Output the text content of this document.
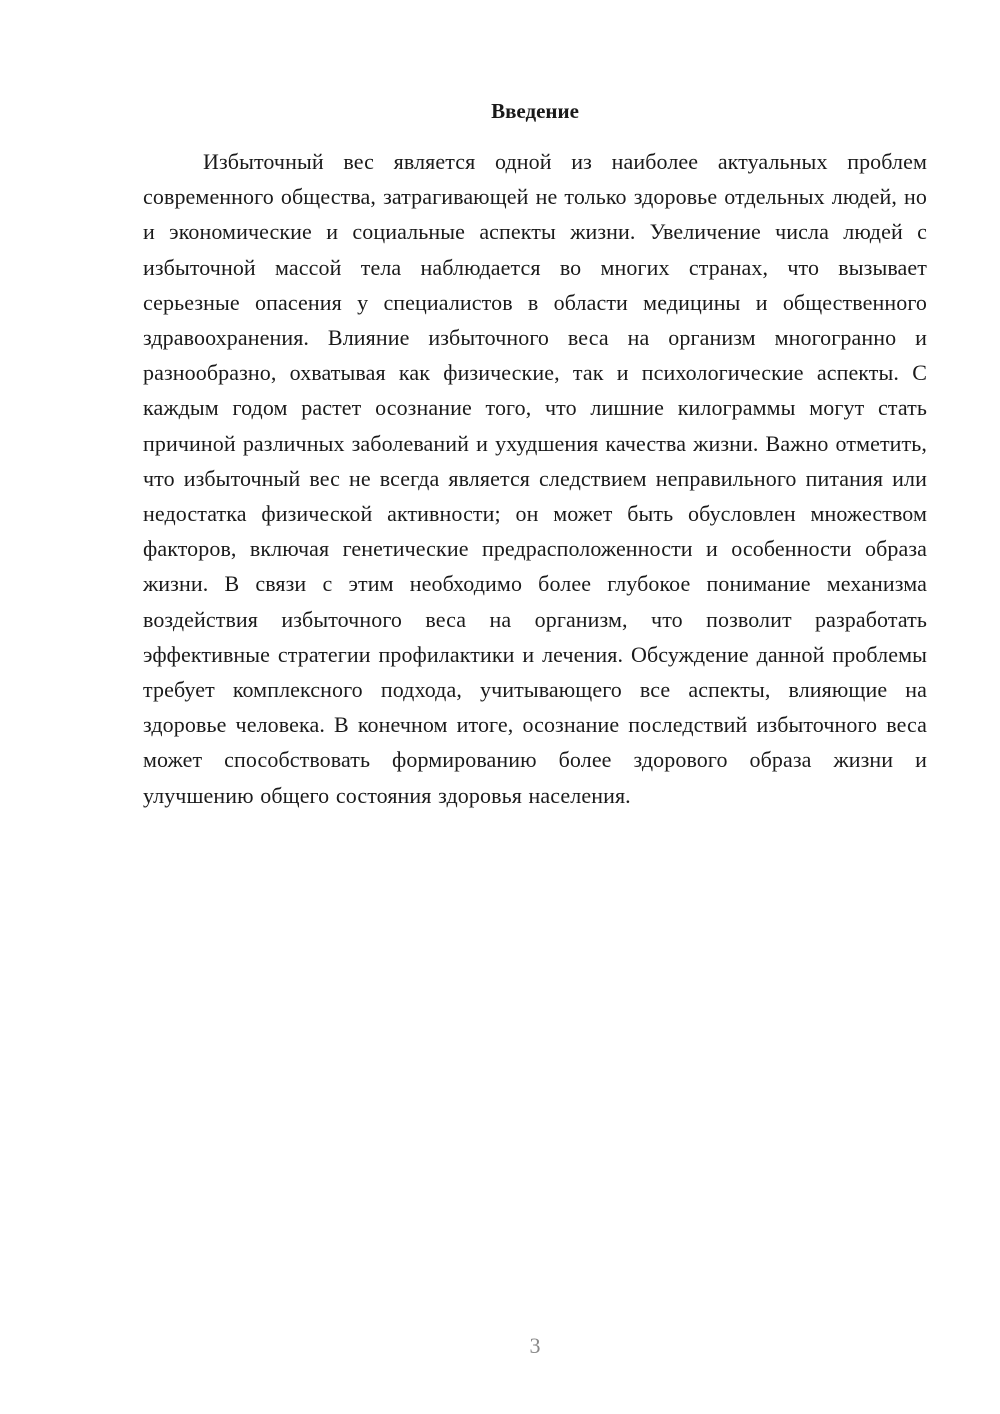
Введение

Избыточный вес является одной из наиболее актуальных проблем современного общества, затрагивающей не только здоровье отдельных людей, но и экономические и социальные аспекты жизни. Увеличение числа людей с избыточной массой тела наблюдается во многих странах, что вызывает серьезные опасения у специалистов в области медицины и общественного здравоохранения. Влияние избыточного веса на организм многогранно и разнообразно, охватывая как физические, так и психологические аспекты. С каждым годом растет осознание того, что лишние килограммы могут стать причиной различных заболеваний и ухудшения качества жизни. Важно отметить, что избыточный вес не всегда является следствием неправильного питания или недостатка физической активности; он может быть обусловлен множеством факторов, включая генетические предрасположенности и особенности образа жизни. В связи с этим необходимо более глубокое понимание механизма воздействия избыточного веса на организм, что позволит разработать эффективные стратегии профилактики и лечения. Обсуждение данной проблемы требует комплексного подхода, учитывающего все аспекты, влияющие на здоровье человека. В конечном итоге, осознание последствий избыточного веса может способствовать формированию более здорового образа жизни и улучшению общего состояния здоровья населения.

3
